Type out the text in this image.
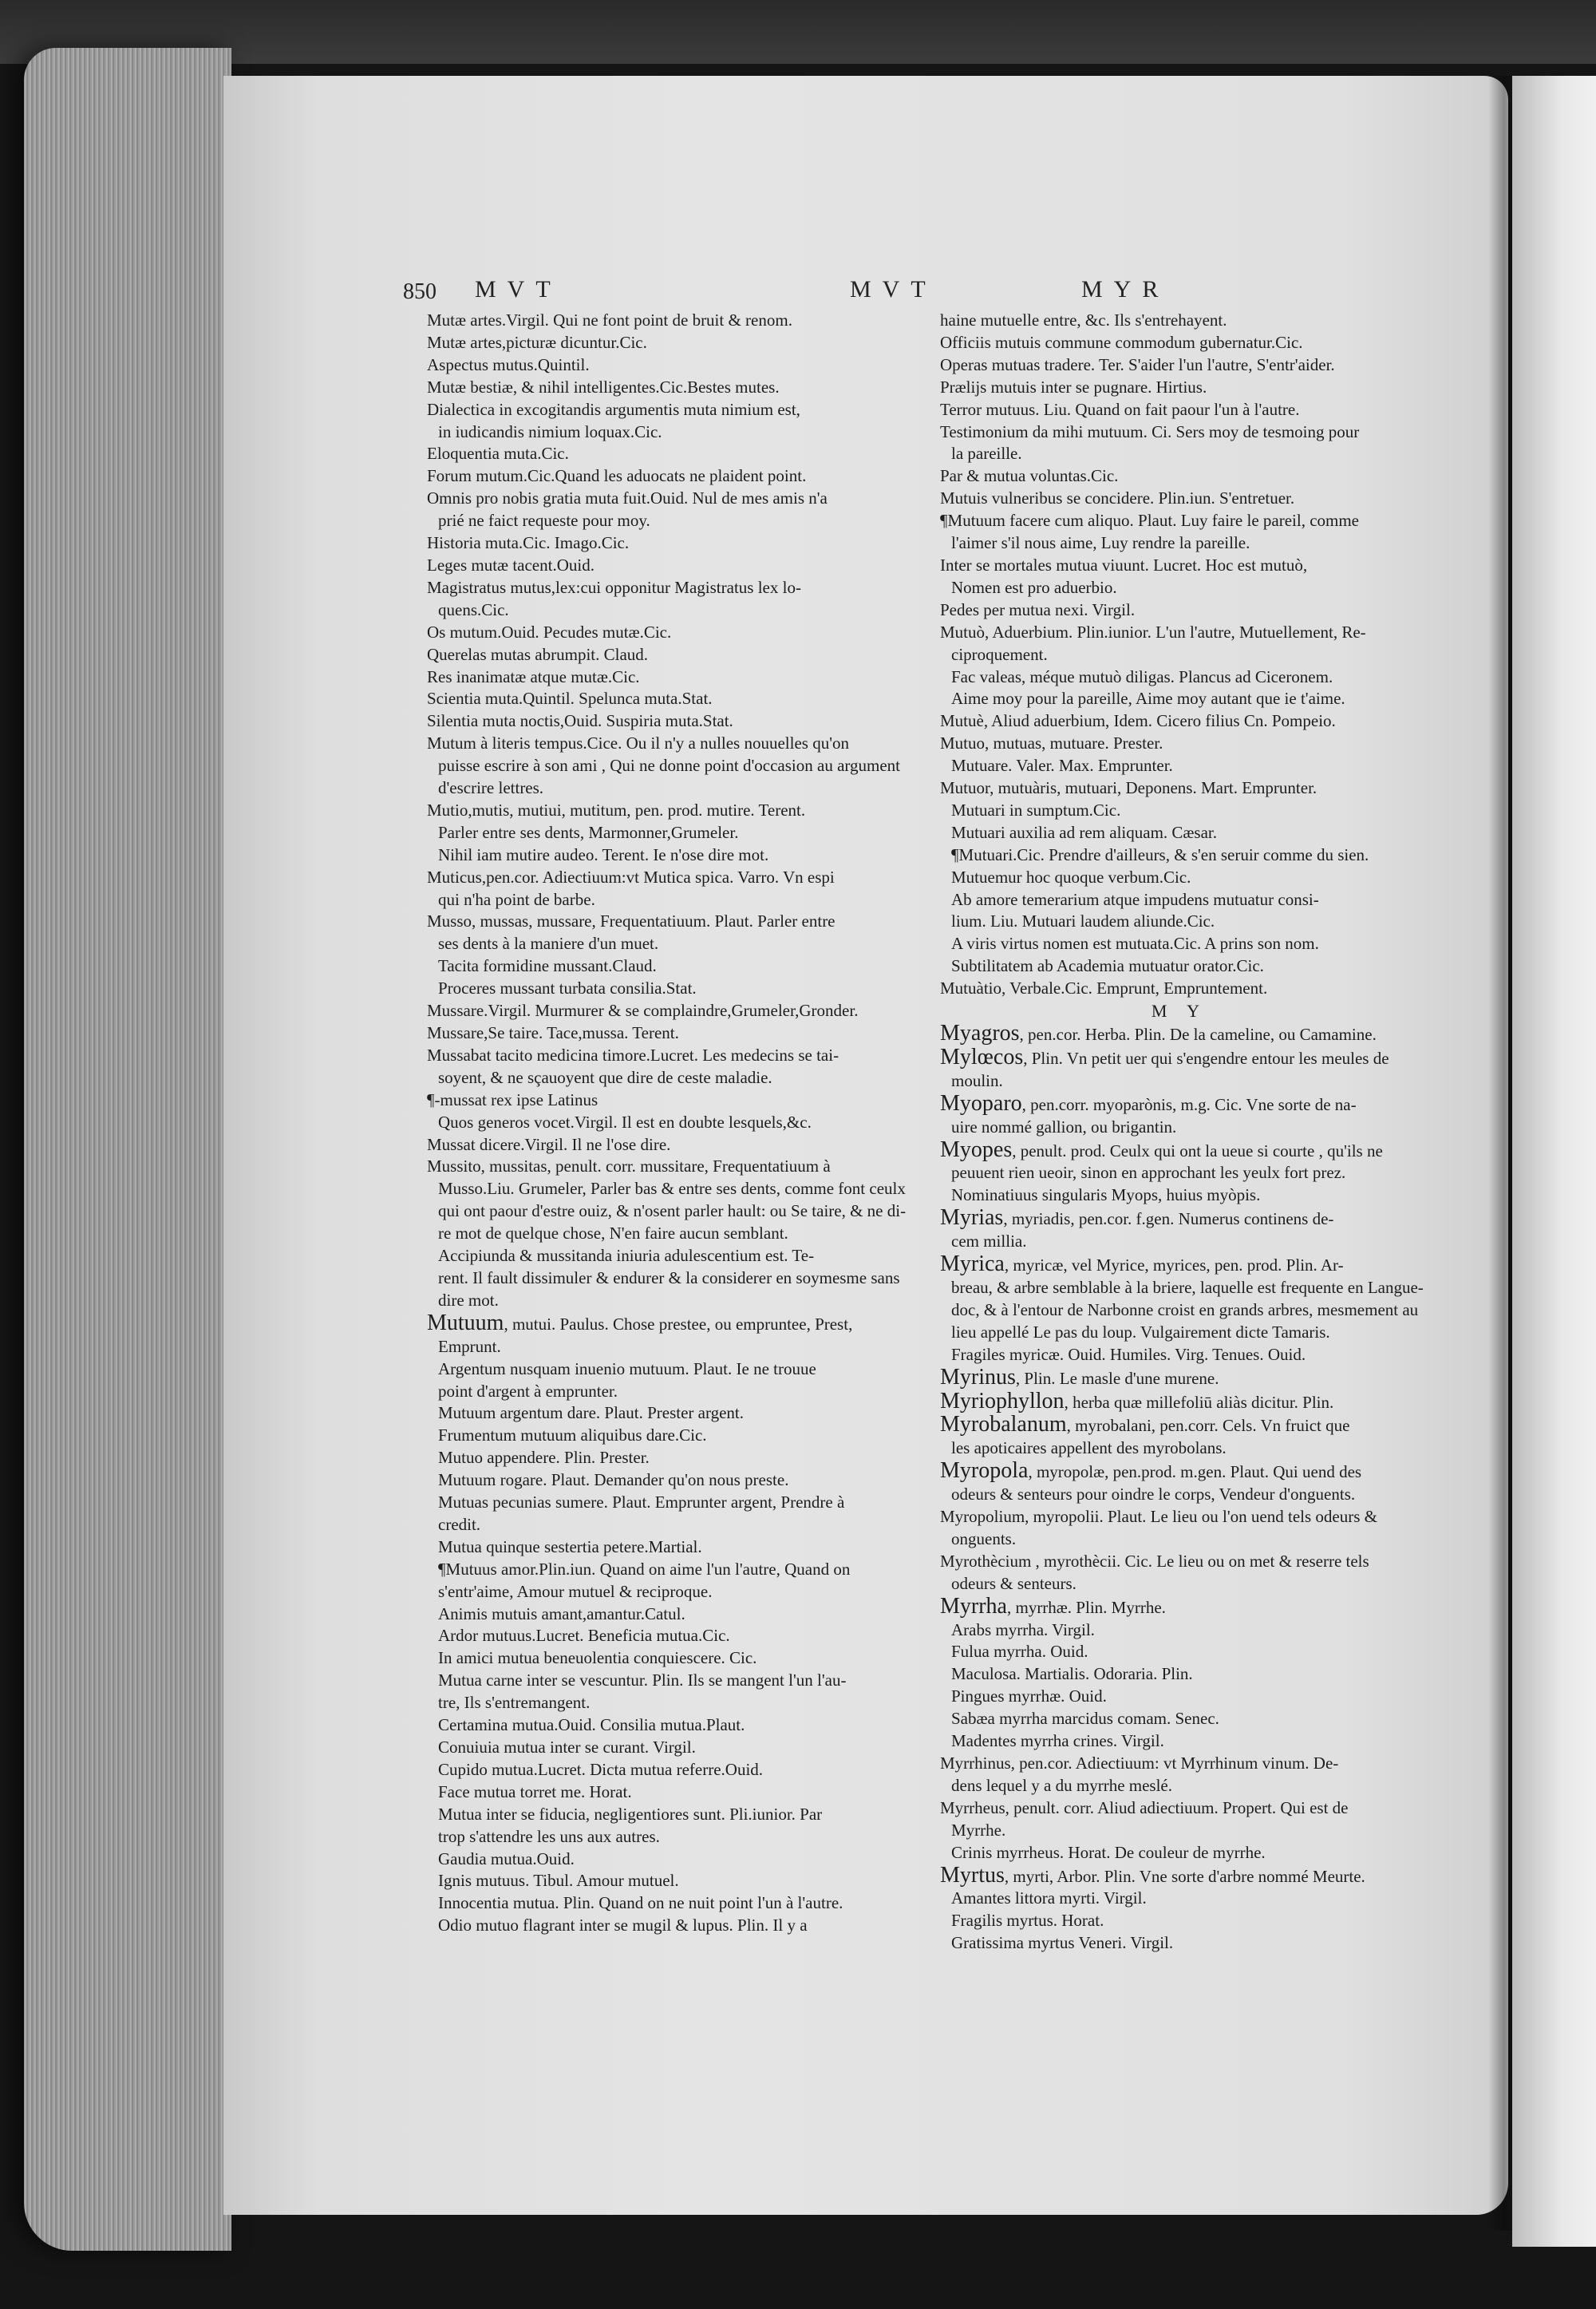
850 MVT	MVT	MYR
Mutæ artes.Virgil. Qui ne font point de bruit & renom.
Mutæ artes,picturæ dicuntur.Cic.
Aspectus mutus.Quintil.
Mutæ bestiæ, & nihil intelligentes.Cic.Bestes mutes.
Dialectica in excogitandis argumentis muta nimium est,
in iudicandis nimium loquax.Cic.
Eloquentia muta.Cic.
Forum mutum.Cic.Quand les aduocats ne plaident point.
Omnis pro nobis gratia muta fuit.Ouid. Nul de mes amis n'a
prié ne faict requeste pour moy.
Historia muta.Cic. Imago.Cic.
Leges mutæ tacent.Ouid.
Magistratus mutus,lex:cui opponitur Magistratus lex lo-
quens.Cic.
Os mutum.Ouid. Pecudes mutæ.Cic.
Querelas mutas abrumpit. Claud.
Res inanimatæ atque mutæ.Cic.
Scientia muta.Quintil. Spelunca muta.Stat.
Silentia muta noctis,Ouid. Suspiria muta.Stat.
Mutum à literis tempus.Cice. Ou il n'y a nulles nouuelles qu'on
puisse escrire à son ami , Qui ne donne point d'occasion au argument
d'escrire lettres.
Mutio,mutis, mutiui, mutitum, pen. prod. mutire. Terent.
Parler entre ses dents, Marmonner,Grumeler.
Nihil iam mutire audeo. Terent. Ie n'ose dire mot.
Muticus,pen.cor. Adiectiuum:vt Mutica spica. Varro. Vn espi
qui n'ha point de barbe.
Musso, mussas, mussare, Frequentatiuum. Plaut. Parler entre
ses dents à la maniere d'un muet.
Tacita formidine mussant.Claud.
Proceres mussant turbata consilia.Stat.
Mussare.Virgil. Murmurer & se complaindre,Grumeler,Gronder.
Mussare,Se taire. Tace,mussa. Terent.
Mussabat tacito medicina timore.Lucret. Les medecins se tai-
soyent, & ne sçauoyent que dire de ceste maladie.
¶-mussat rex ipse Latinus
Quos generos vocet.Virgil. Il est en doubte lesquels,&c.
Mussat dicere.Virgil. Il ne l'ose dire.
Mussito, mussitas, penult. corr. mussitare, Frequentatiuum à
Musso.Liu. Grumeler, Parler bas & entre ses dents, comme font ceulx
qui ont paour d'estre ouiz, & n'osent parler hault: ou Se taire, & ne di-
re mot de quelque chose, N'en faire aucun semblant.
Accipiunda & mussitanda iniuria adulescentium est. Te-
rent. Il fault dissimuler & endurer & la considerer en soymesme sans
dire mot.
Mutuum, mutui. Paulus. Chose prestee, ou empruntee, Prest,
Emprunt.
Argentum nusquam inuenio mutuum. Plaut. Ie ne trouue
point d'argent à emprunter.
Mutuum argentum dare. Plaut. Prester argent.
Frumentum mutuum aliquibus dare.Cic.
Mutuo appendere. Plin. Prester.
Mutuum rogare. Plaut. Demander qu'on nous preste.
Mutuas pecunias sumere. Plaut. Emprunter argent, Prendre à
credit.
Mutua quinque sestertia petere.Martial.
¶Mutuus amor.Plin.iun. Quand on aime l'un l'autre, Quand on
s'entr'aime, Amour mutuel & reciproque.
Animis mutuis amant,amantur.Catul.
Ardor mutuus.Lucret. Beneficia mutua.Cic.
In amici mutua beneuolentia conquiescere. Cic.
Mutua carne inter se vescuntur. Plin. Ils se mangent l'un l'au-
tre, Ils s'entremangent.
Certamina mutua.Ouid. Consilia mutua.Plaut.
Conuiuia mutua inter se curant. Virgil.
Cupido mutua.Lucret. Dicta mutua referre.Ouid.
Face mutua torret me. Horat.
Mutua inter se fiducia, negligentiores sunt. Pli.iunior. Par
trop s'attendre les uns aux autres.
Gaudia mutua.Ouid.
Ignis mutuus. Tibul. Amour mutuel.
Innocentia mutua. Plin. Quand on ne nuit point l'un à l'autre.
Odio mutuo flagrant inter se mugil & lupus. Plin. Il y a
haine mutuelle entre, &c. Ils s'entrehayent.
Officiis mutuis commune commodum gubernatur.Cic.
Operas mutuas tradere. Ter. S'aider l'un l'autre, S'entr'aider.
Prælijs mutuis inter se pugnare. Hirtius.
Terror mutuus. Liu. Quand on fait paour l'un à l'autre.
Testimonium da mihi mutuum. Ci. Sers moy de tesmoing pour
la pareille.
Par & mutua voluntas.Cic.
Mutuis vulneribus se concidere. Plin.iun. S'entretuer.
¶Mutuum facere cum aliquo. Plaut. Luy faire le pareil, comme
l'aimer s'il nous aime, Luy rendre la pareille.
Inter se mortales mutua viuunt. Lucret. Hoc est mutuò,
Nomen est pro aduerbio.
Pedes per mutua nexi. Virgil.
Mutuò, Aduerbium. Plin.iunior. L'un l'autre, Mutuellement, Re-
ciproquement.
Fac valeas, méque mutuò diligas. Plancus ad Ciceronem.
Aime moy pour la pareille, Aime moy autant que ie t'aime.
Mutuè, Aliud aduerbium, Idem. Cicero filius Cn. Pompeio.
Mutuo, mutuas, mutuare. Prester.
Mutuare. Valer. Max. Emprunter.
Mutuor, mutuàris, mutuari, Deponens. Mart. Emprunter.
Mutuari in sumptum.Cic.
Mutuari auxilia ad rem aliquam. Cæsar.
¶Mutuari.Cic. Prendre d'ailleurs, & s'en seruir comme du sien.
Mutuemur hoc quoque verbum.Cic.
Ab amore temerarium atque impudens mutuatur consi-
lium. Liu. Mutuari laudem aliunde.Cic.
A viris virtus nomen est mutuata.Cic. A prins son nom.
Subtilitatem ab Academia mutuatur orator.Cic.
Mutuàtio, Verbale.Cic. Emprunt, Empruntement.
M Y
Myagros, pen.cor. Herba. Plin. De la cameline, ou Camamine.
Mylœcos, Plin. Vn petit uer qui s'engendre entour les meules de
moulin.
Myoparo, pen.corr. myoparònis, m.g. Cic. Vne sorte de na-
uire nommé gallion, ou brigantin.
Myopes, penult. prod. Ceulx qui ont la ueue si courte , qu'ils ne
peuuent rien ueoir, sinon en approchant les yeulx fort prez.
Nominatiuus singularis Myops, huius myòpis.
Myrias, myriadis, pen.cor. f.gen. Numerus continens de-
cem millia.
Myrica, myricæ, vel Myrice, myrices, pen. prod. Plin. Ar-
breau, & arbre semblable à la briere, laquelle est frequente en Langue-
doc, & à l'entour de Narbonne croist en grands arbres, mesmement au
lieu appellé Le pas du loup. Vulgairement dicte Tamaris.
Fragiles myricæ. Ouid. Humiles. Virg. Tenues. Ouid.
Myrinus, Plin. Le masle d'une murene.
Myriophyllon, herba quæ millefoliū aliàs dicitur. Plin.
Myrobalanum, myrobalani, pen.corr. Cels. Vn fruict que
les apoticaires appellent des myrobolans.
Myropola, myropolæ, pen.prod. m.gen. Plaut. Qui uend des
odeurs & senteurs pour oindre le corps, Vendeur d'onguents.
Myropolium, myropolii. Plaut. Le lieu ou l'on uend tels odeurs &
onguents.
Myrothècium , myrothècii. Cic. Le lieu ou on met & reserre tels
odeurs & senteurs.
Myrrha, myrrhæ. Plin. Myrrhe.
Arabs myrrha. Virgil.
Fulua myrrha. Ouid.
Maculosa. Martialis. Odoraria. Plin.
Pingues myrrhæ. Ouid.
Sabæa myrrha marcidus comam. Senec.
Madentes myrrha crines. Virgil.
Myrrhinus, pen.cor. Adiectiuum: vt Myrrhinum vinum. De-
dens lequel y a du myrrhe meslé.
Myrrheus, penult. corr. Aliud adiectiuum. Propert. Qui est de
Myrrhe.
Crinis myrrheus. Horat. De couleur de myrrhe.
Myrtus, myrti, Arbor. Plin. Vne sorte d'arbre nommé Meurte.
Amantes littora myrti. Virgil.
Fragilis myrtus. Horat.
Gratissima myrtus Veneri. Virgil.
